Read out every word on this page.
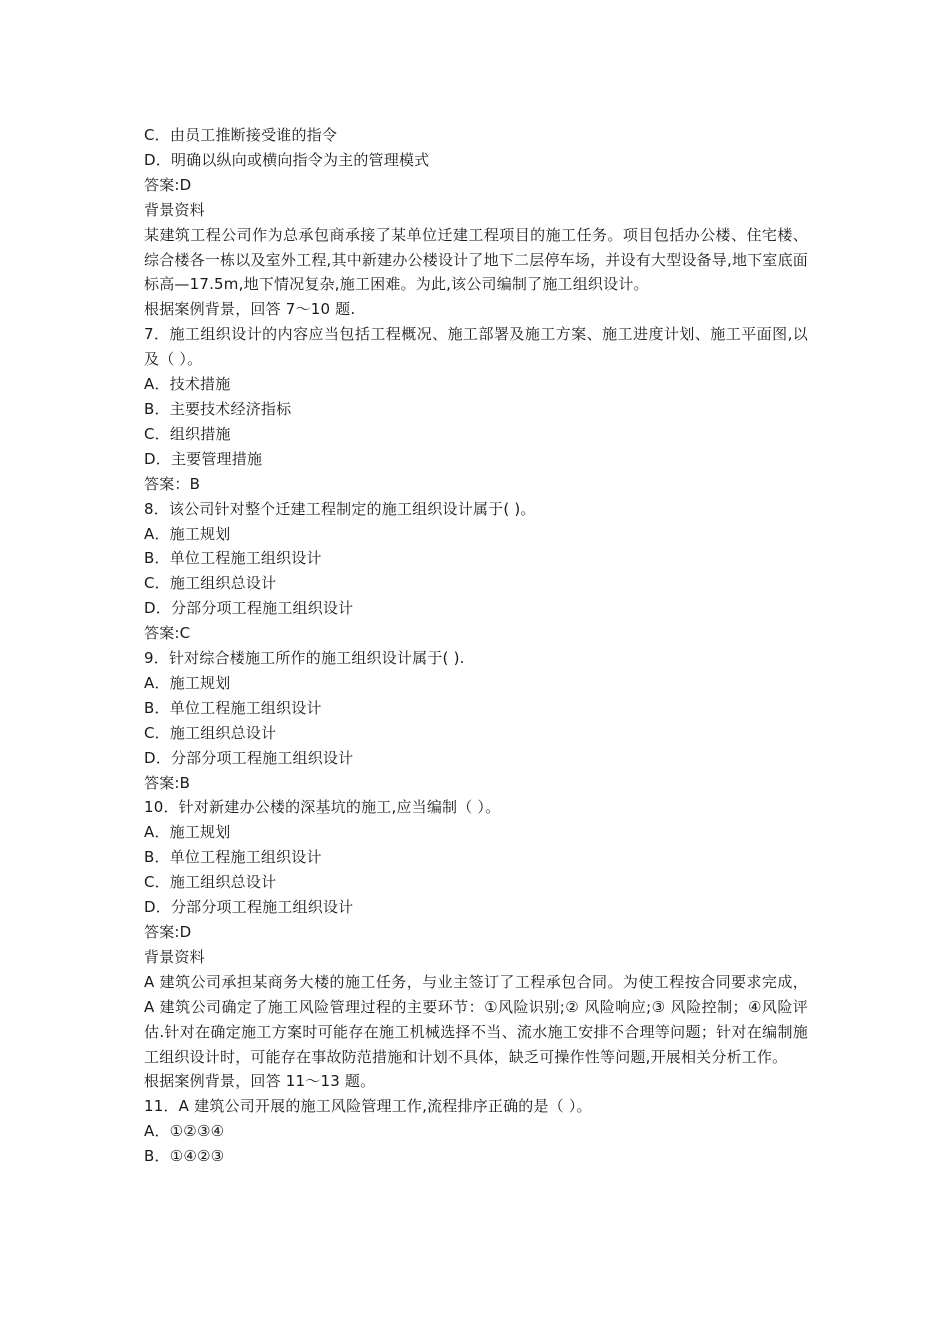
C．由员工推断接受谁的指令
D．明确以纵向或横向指令为主的管理模式
答案:D
背景资料
某建筑工程公司作为总承包商承接了某单位迁建工程项目的施工任务。项目包括办公楼、住宅楼、综合楼各一栋以及室外工程,其中新建办公楼设计了地下二层停车场，并设有大型设备导,地下室底面标高—17.5m,地下情况复杂,施工困难。为此,该公司编制了施工组织设计。
根据案例背景，回答 7～10 题.
7．施工组织设计的内容应当包括工程概况、施工部署及施工方案、施工进度计划、施工平面图,以及（ ）。
A．技术措施
B．主要技术经济指标
C．组织措施
D．主要管理措施
答案：B
8．该公司针对整个迁建工程制定的施工组织设计属于( )。
A．施工规划
B．单位工程施工组织设计
C．施工组织总设计
D．分部分项工程施工组织设计
答案:C
9．针对综合楼施工所作的施工组织设计属于( ).
A．施工规划
B．单位工程施工组织设计
C．施工组织总设计
D．分部分项工程施工组织设计
答案:B
10．针对新建办公楼的深基坑的施工,应当编制（ ）。
A．施工规划
B．单位工程施工组织设计
C．施工组织总设计
D．分部分项工程施工组织设计
答案:D
背景资料
A 建筑公司承担某商务大楼的施工任务，与业主签订了工程承包合同。为使工程按合同要求完成，A 建筑公司确定了施工风险管理过程的主要环节：①风险识别;② 风险响应;③ 风险控制；④风险评估.针对在确定施工方案时可能存在施工机械选择不当、流水施工安排不合理等问题；针对在编制施工组织设计时，可能存在事故防范措施和计划不具体，缺乏可操作性等问题,开展相关分析工作。
根据案例背景，回答 11～13 题。
11．A 建筑公司开展的施工风险管理工作,流程排序正确的是（ ）。
A．①②③④
B．①④②③
